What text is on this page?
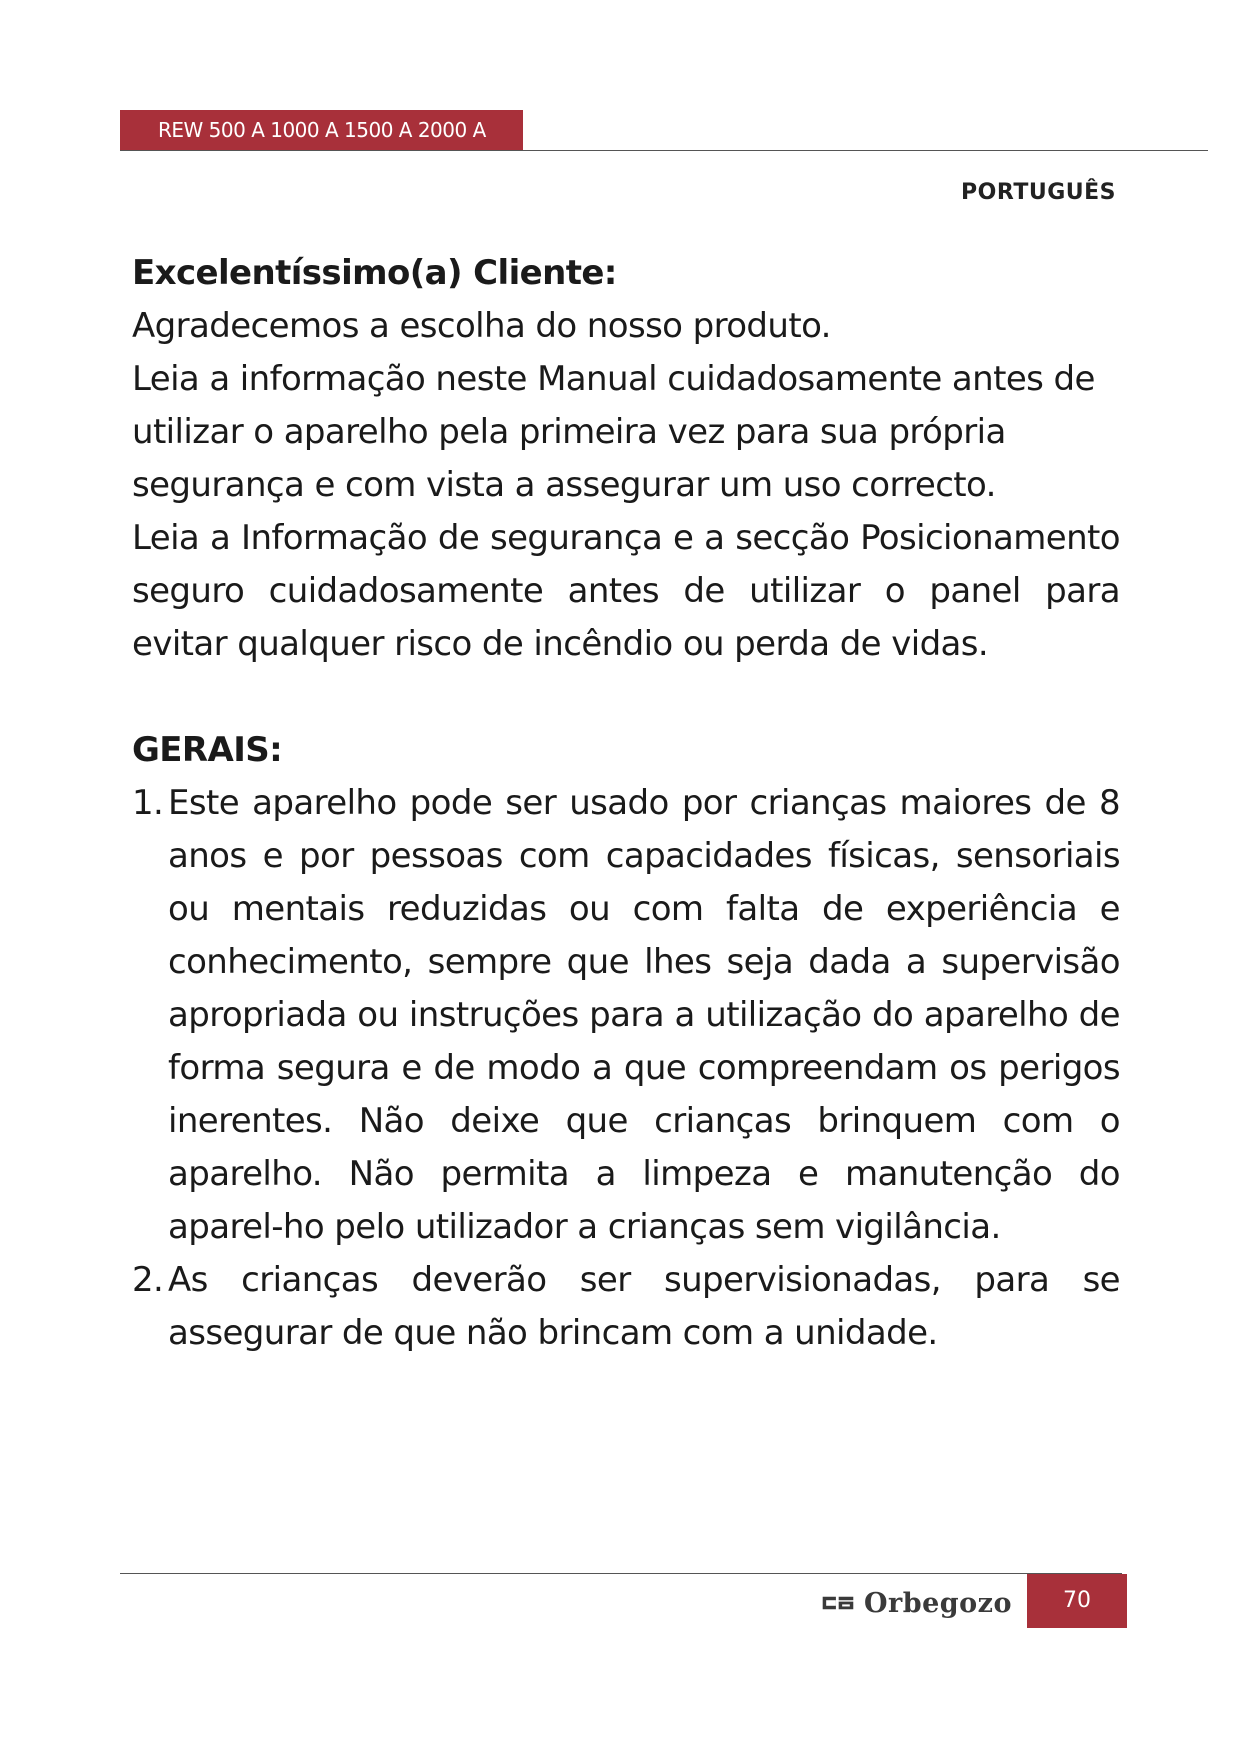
REW 500 A 1000 A 1500 A 2000 A
PORTUGUÊS

Excelentíssimo(a) Cliente:

Agradecemos a escolha do nosso produto.

Leia a informação neste Manual cuidadosamente antes de utilizar o aparelho pela primeira vez para sua própria segurança e com vista a assegurar um uso correcto.

Leia a Informação de segurança e a secção Posicionamento seguro cuidadosamente antes de utilizar o panel para evitar qualquer risco de incêndio ou perda de vidas.

GERAIS:

1. Este aparelho pode ser usado por crianças maiores de 8 anos e por pessoas com capacidades físicas, sensoriais ou mentais reduzidas ou com falta de experiência e conhecimento, sempre que lhes seja dada a supervisão apropriada ou instruções para a utilização do aparelho de forma segura e de modo a que compreendam os perigos inerentes. Não deixe que crianças brinquem com o aparelho. Não permita a limpeza e manutenção do aparel-ho pelo utilizador a crianças sem vigilância.
2. As crianças deverão ser supervisionadas, para se assegurar de que não brincam com a unidade.
Orbegozo	70
